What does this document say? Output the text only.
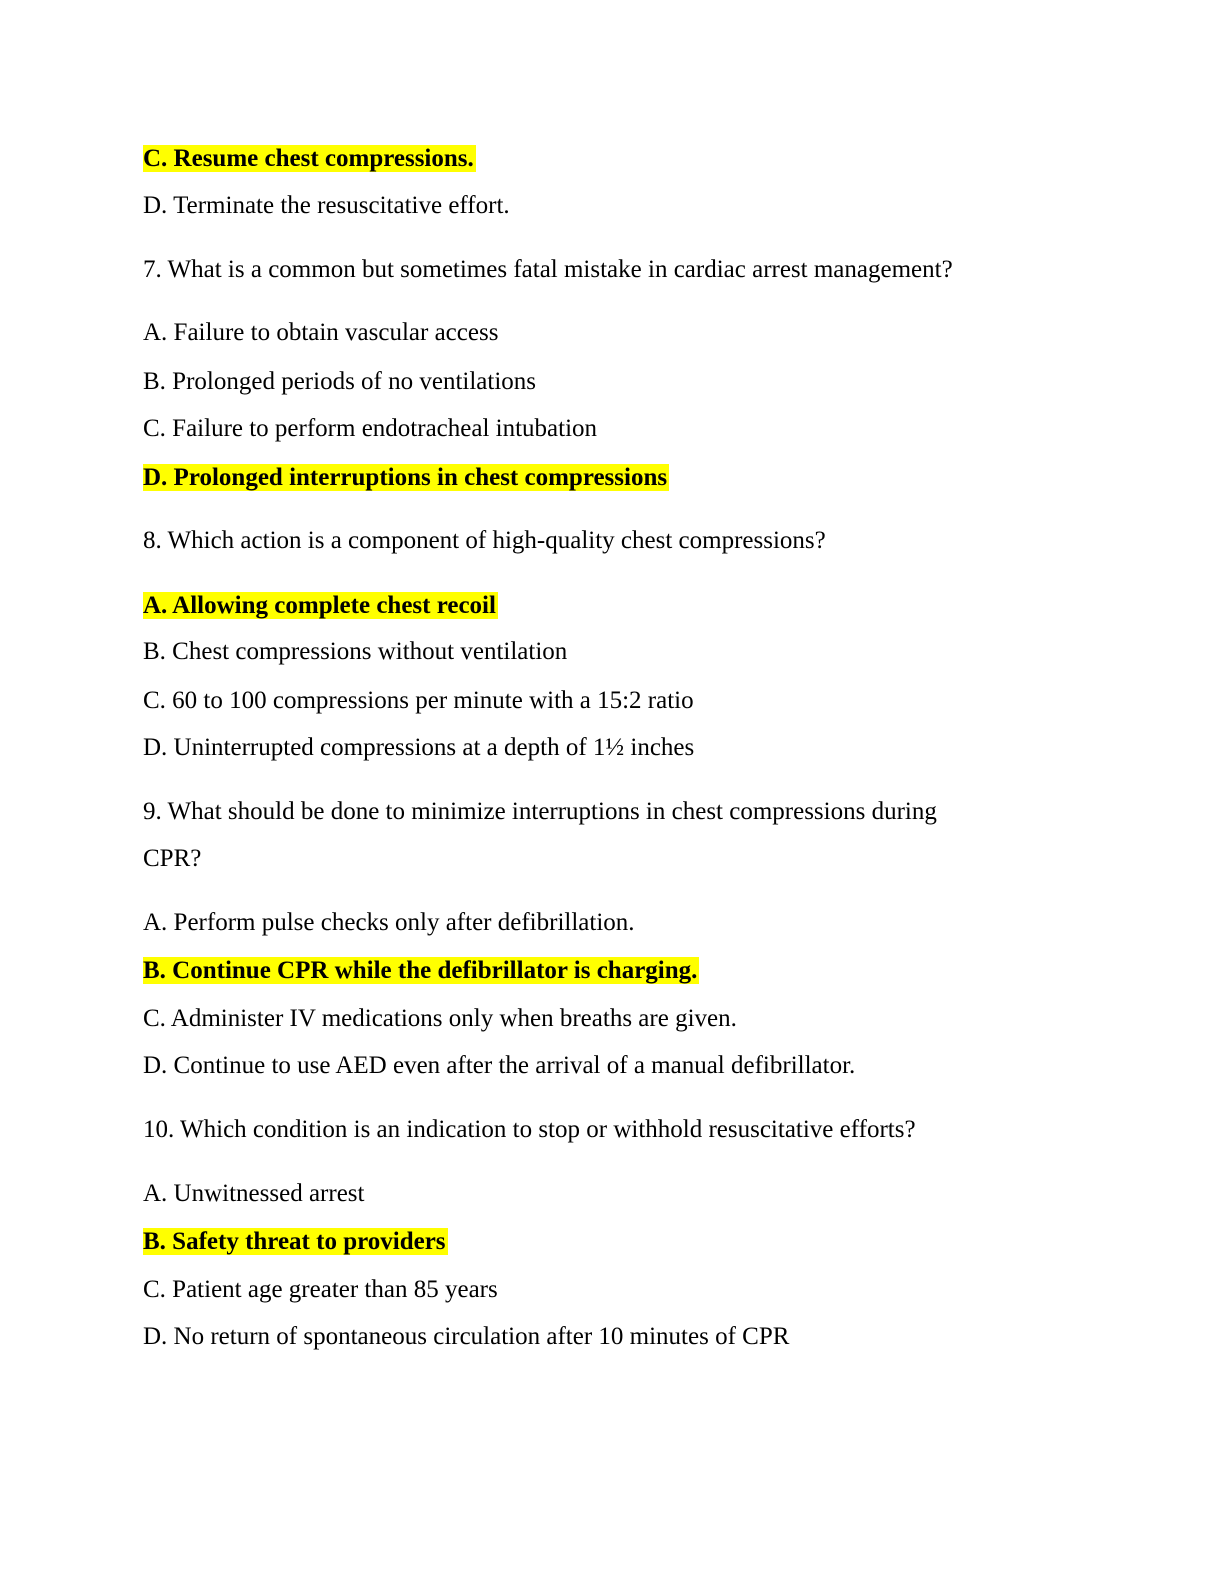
C. Resume chest compressions.

D. Terminate the resuscitative effort.

7. What is a common but sometimes fatal mistake in cardiac arrest management?

A. Failure to obtain vascular access

B. Prolonged periods of no ventilations

C. Failure to perform endotracheal intubation

D. Prolonged interruptions in chest compressions

8. Which action is a component of high-quality chest compressions?

A. Allowing complete chest recoil

B. Chest compressions without ventilation

C. 60 to 100 compressions per minute with a 15:2 ratio

D. Uninterrupted compressions at a depth of 1½ inches

9. What should be done to minimize interruptions in chest compressions during

CPR?

A. Perform pulse checks only after defibrillation.

B. Continue CPR while the defibrillator is charging.

C. Administer IV medications only when breaths are given.

D. Continue to use AED even after the arrival of a manual defibrillator.

10. Which condition is an indication to stop or withhold resuscitative efforts?

A. Unwitnessed arrest

B. Safety threat to providers

C. Patient age greater than 85 years

D. No return of spontaneous circulation after 10 minutes of CPR
